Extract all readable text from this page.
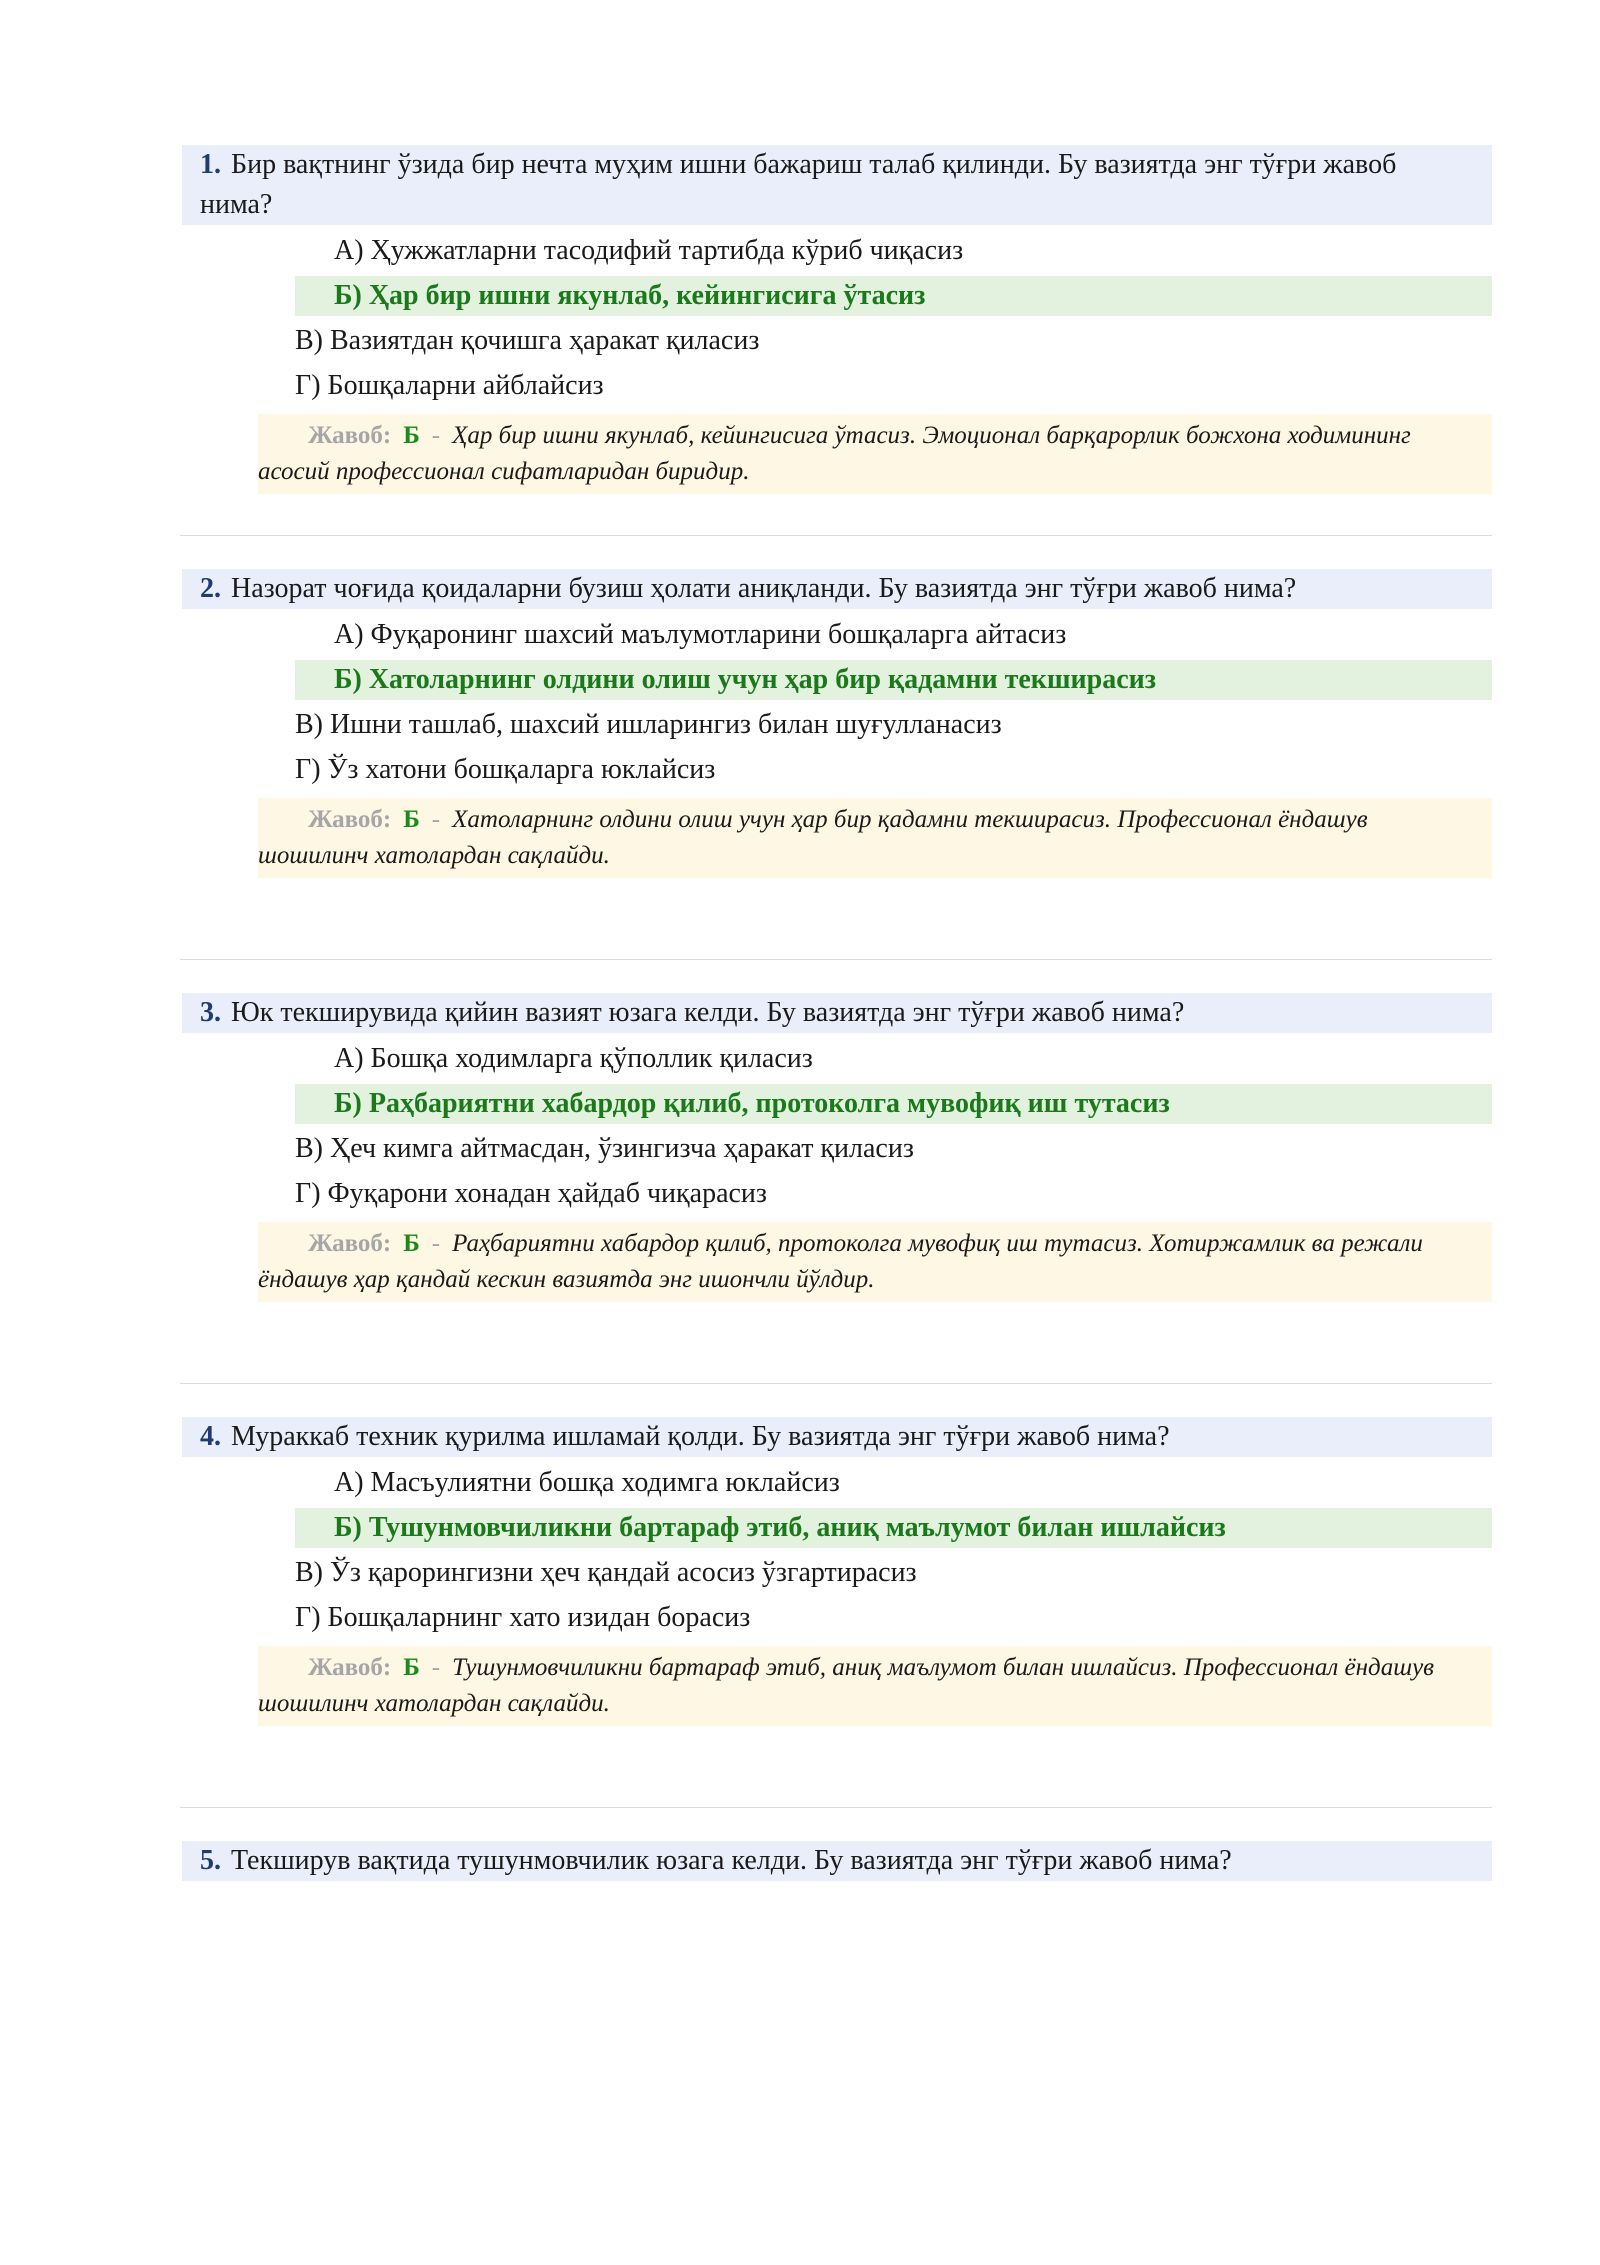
1. Бир вақтнинг ўзида бир нечта муҳим ишни бажариш талаб қилинди. Бу вазиятда энг тўғри жавоб нима?
А) Ҳужжатларни тасодифий тартибда кўриб чиқасиз
Б) Ҳар бир ишни якунлаб, кейингисига ўтасиз
В) Вазиятдан қочишга ҳаракат қиласиз
Г) Бошқаларни айблайсиз
Жавоб: Б - Ҳар бир ишни якунлаб, кейингисига ўтасиз. Эмоционал барқарорлик божхона ходимининг асосий профессионал сифатларидан биридир.
2. Назорат чоғида қоидаларни бузиш ҳолати аниқланди. Бу вазиятда энг тўғри жавоб нима?
А) Фуқаронинг шахсий маълумотларини бошқаларга айтасиз
Б) Хатоларнинг олдини олиш учун ҳар бир қадамни текширасиз
В) Ишни ташлаб, шахсий ишларингиз билан шуғулланасиз
Г) Ўз хатони бошқаларга юклайсиз
Жавоб: Б - Хатоларнинг олдини олиш учун ҳар бир қадамни текширасиз. Профессионал ёндашув шошилинч хатолардан сақлайди.
3. Юк текширувида қийин вазият юзага келди. Бу вазиятда энг тўғри жавоб нима?
А) Бошқа ходимларга қўполлик қиласиз
Б) Раҳбариятни хабардор қилиб, протоколга мувофиқ иш тутасиз
В) Ҳеч кимга айтмасдан, ўзингизча ҳаракат қиласиз
Г) Фуқарони хонадан ҳайдаб чиқарасиз
Жавоб: Б - Раҳбариятни хабардор қилиб, протоколга мувофиқ иш тутасиз. Хотиржамлик ва режали ёндашув ҳар қандай кескин вазиятда энг ишончли йўлдир.
4. Мураккаб техник қурилма ишламай қолди. Бу вазиятда энг тўғри жавоб нима?
А) Масъулиятни бошқа ходимга юклайсиз
Б) Тушунмовчиликни бартараф этиб, аниқ маълумот билан ишлайсиз
В) Ўз қарорингизни ҳеч қандай асосиз ўзгартирасиз
Г) Бошқаларнинг хато изидан борасиз
Жавоб: Б - Тушунмовчиликни бартараф этиб, аниқ маълумот билан ишлайсиз. Профессионал ёндашув шошилинч хатолардан сақлайди.
5. Текширув вақтида тушунмовчилик юзага келди. Бу вазиятда энг тўғри жавоб нима?
